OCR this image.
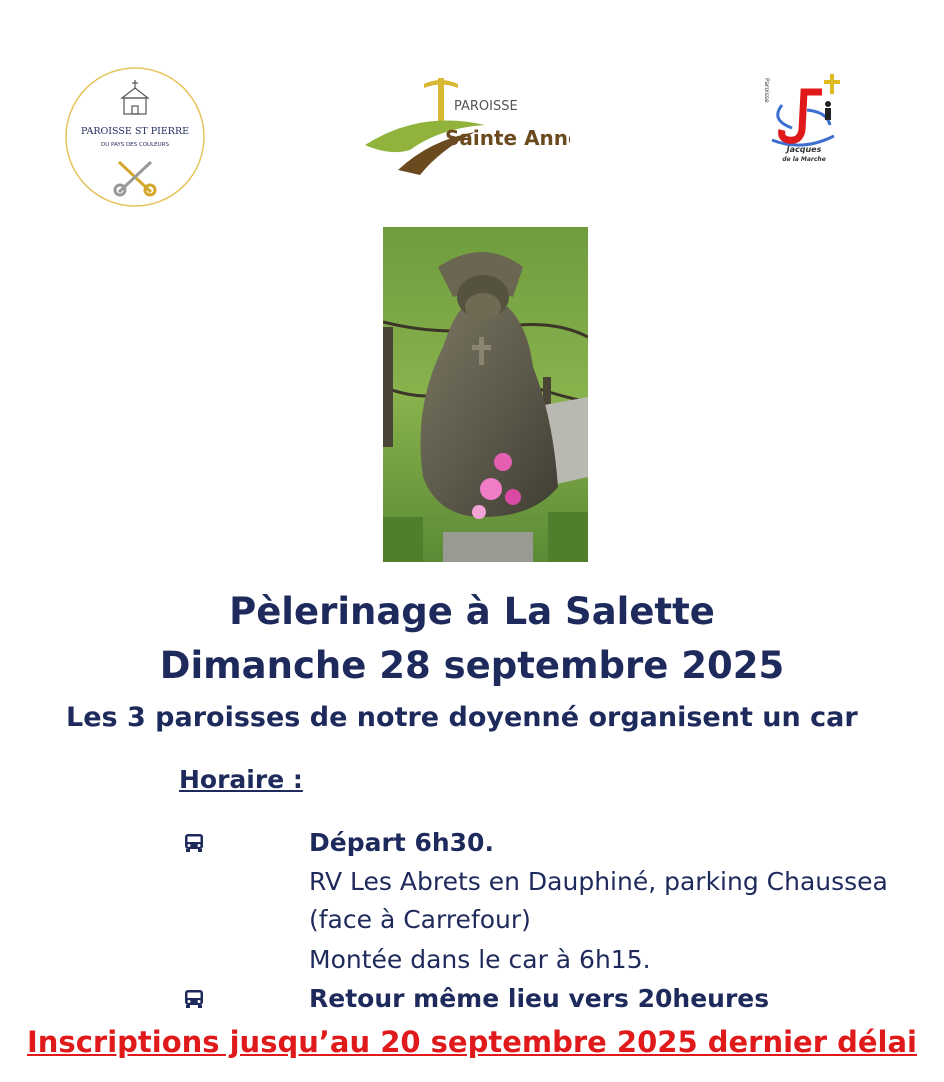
PAROISSE ST PIERRE
DU PAYS DES COULEURS
PAROISSE
Sainte Anne
Paroisse
Jacques
de la Marche
Pèlerinage à La Salette
Dimanche 28 septembre 2025
Les 3 paroisses de notre doyenné organisent un car
Horaire :
Départ 6h30.
RV Les Abrets en Dauphiné, parking Chaussea
(face à Carrefour)
Montée dans le car à 6h15.
Retour même lieu vers 20heures
Inscriptions jusqu’au 20 septembre 2025 dernier délai
